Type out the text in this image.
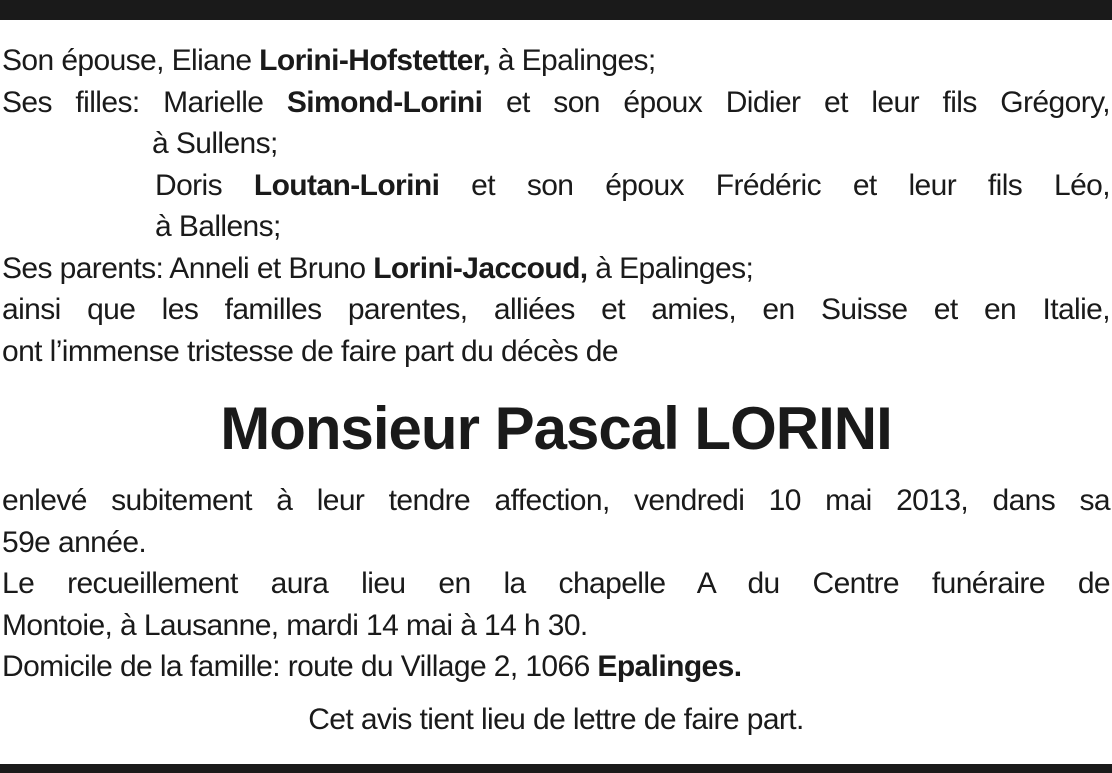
Son épouse, Eliane Lorini-Hofstetter, à Epalinges;
Ses filles: Marielle Simond-Lorini et son époux Didier et leur fils Grégory,
à Sullens;
Doris Loutan-Lorini et son époux Frédéric et leur fils Léo,
à Ballens;
Ses parents: Anneli et Bruno Lorini-Jaccoud, à Epalinges;
ainsi que les familles parentes, alliées et amies, en Suisse et en Italie,
ont l’immense tristesse de faire part du décès de
Monsieur Pascal LORINI
enlevé subitement à leur tendre affection, vendredi 10 mai 2013, dans sa
59e année.
Le recueillement aura lieu en la chapelle A du Centre funéraire de
Montoie, à Lausanne, mardi 14 mai à 14 h 30.
Domicile de la famille: route du Village 2, 1066 Epalinges.
Cet avis tient lieu de lettre de faire part.
